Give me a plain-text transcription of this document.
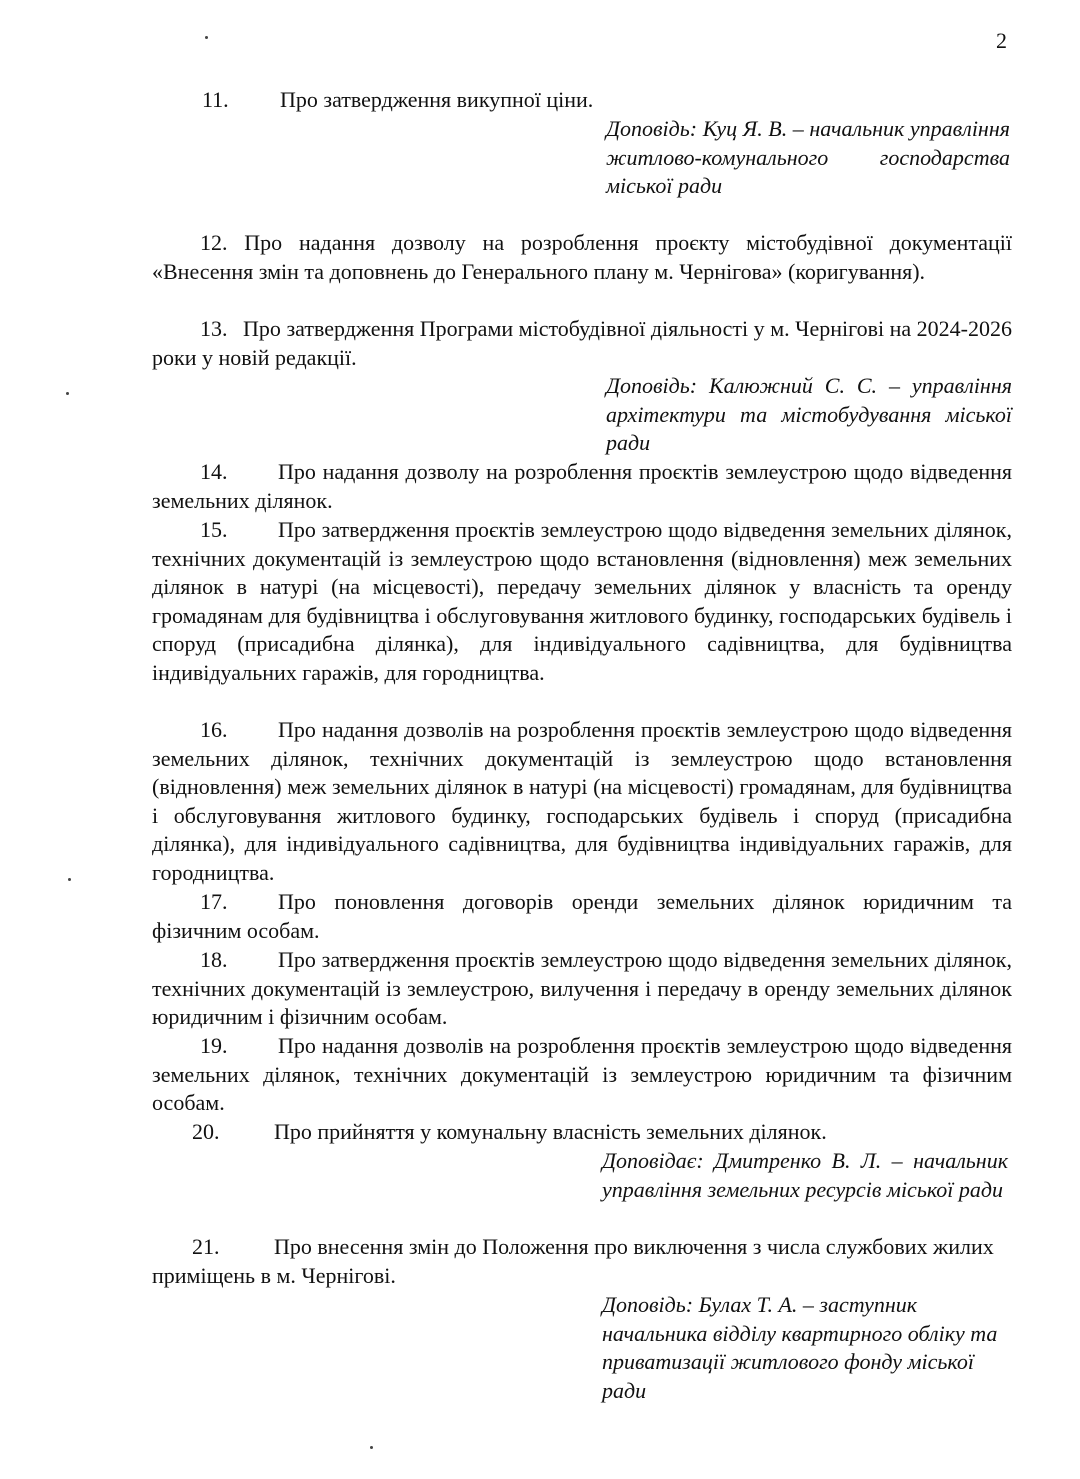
2
11. Про затвердження викупної ціни.
Доповідь: Куц Я. В. – начальник управління житлово-комунального господарства міської ради
12. Про надання дозволу на розроблення проєкту містобудівної документації «Внесення змін та доповнень до Генерального плану м. Чернігова» (коригування).
13. Про затвердження Програми містобудівної діяльності у м. Чернігові на 2024-2026 роки у новій редакції.
Доповідь: Калюжний С. С. – управління архітектури та містобудування міської ради
14. Про надання дозволу на розроблення проєктів землеустрою щодо відведення земельних ділянок.
15. Про затвердження проєктів землеустрою щодо відведення земельних ділянок, технічних документацій із землеустрою щодо встановлення (відновлення) меж земельних ділянок в натурі (на місцевості), передачу земельних ділянок у власність та оренду громадянам для будівництва і обслуговування житлового будинку, господарських будівель і споруд (присадибна ділянка), для індивідуального садівництва, для будівництва індивідуальних гаражів, для городництва.
16. Про надання дозволів на розроблення проєктів землеустрою щодо відведення земельних ділянок, технічних документацій із землеустрою щодо встановлення (відновлення) меж земельних ділянок в натурі (на місцевості) громадянам, для будівництва і обслуговування житлового будинку, господарських будівель і споруд (присадибна ділянка), для індивідуального садівництва, для будівництва індивідуальних гаражів, для городництва.
17. Про поновлення договорів оренди земельних ділянок юридичним та фізичним особам.
18. Про затвердження проєктів землеустрою щодо відведення земельних ділянок, технічних документацій із землеустрою, вилучення і передачу в оренду земельних ділянок юридичним і фізичним особам.
19. Про надання дозволів на розроблення проєктів землеустрою щодо відведення земельних ділянок, технічних документацій із землеустрою юридичним та фізичним особам.
20. Про прийняття у комунальну власність земельних ділянок.
Доповідає: Дмитренко В. Л. – начальник управління земельних ресурсів міської ради
21. Про внесення змін до Положення про виключення з числа службових жилих приміщень в м. Чернігові.
Доповідь: Булах Т. А. – заступник начальника відділу квартирного обліку та приватизації житлового фонду міської ради
